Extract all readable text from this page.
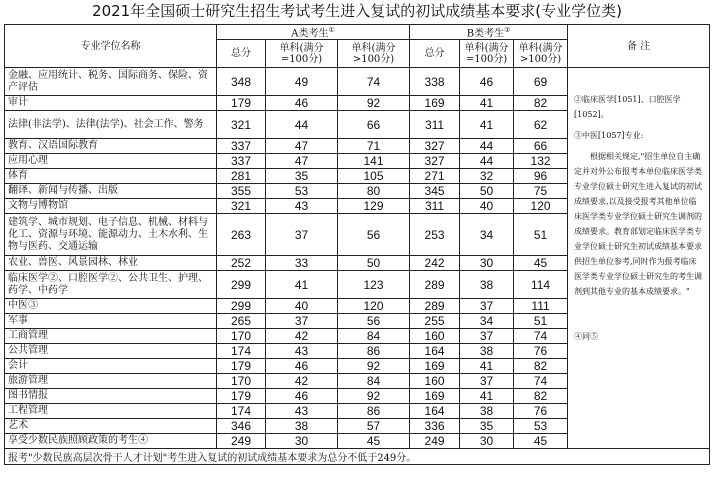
2021年全国硕士研究生招生考试考生进入复试的初试成绩基本要求(专业学位类)
专业学位名称	A类考生①			B类考生①			备 注
	总分	单科(满分
=100分)	单科(满分
>100分)	总分	单科(满分
=100分)	单科(满分
>100分)	
金融、应用统计、税务、国际商务、保险、资产评估	348	49	74	338	46	69	②临床医学[1051]、口腔医学[1052]。

③中医[1057]专业:

根据相关规定,"招生单位自主确定并对外公布报考本单位临床医学类专业学位硕士研究生进入复试的初试成绩要求,以及接受报考其他单位临床医学类专业学位硕士研究生调剂的成绩要求。教育部划定临床医学类专业学位硕士研究生初试成绩基本要求供招生单位参考,同时作为报考临床医学类专业学位硕士研究生的考生调剂到其他专业的基本成绩要求。"

④同⑤

审计	179	46	92	169	41	82	
法律(非法学)、法律(法学)、社会工作、警务	321	44	66	311	41	62	
教育、汉语国际教育	337	47	71	327	44	66	
应用心理	337	47	141	327	44	132	
体育	281	35	105	271	32	96	
翻译、新闻与传播、出版	355	53	80	345	50	75	
文物与博物馆	321	43	129	311	40	120	
建筑学、城市规划、电子信息、机械、材料与化工、资源与环境、能源动力、土木水利、生物与医药、交通运输	263	37	56	253	34	51	
农业、兽医、风景园林、林业	252	33	50	242	30	45	
临床医学②、口腔医学②、公共卫生、护理、药学、中药学	299	41	123	289	38	114	
中医③	299	40	120	289	37	111	
军事	265	37	56	255	34	51	
工商管理	170	42	84	160	37	74	
公共管理	174	43	86	164	38	76	
会计	179	46	92	169	41	82	
旅游管理	170	42	84	160	37	74	
图书情报	179	46	92	169	41	82	
工程管理	174	43	86	164	38	76	
艺术	346	38	57	336	35	53	
享受少数民族照顾政策的考生④	249	30	45	249	30	45	
报考"少数民族高层次骨干人才计划"考生进入复试的初试成绩基本要求为总分不低于249分。							
